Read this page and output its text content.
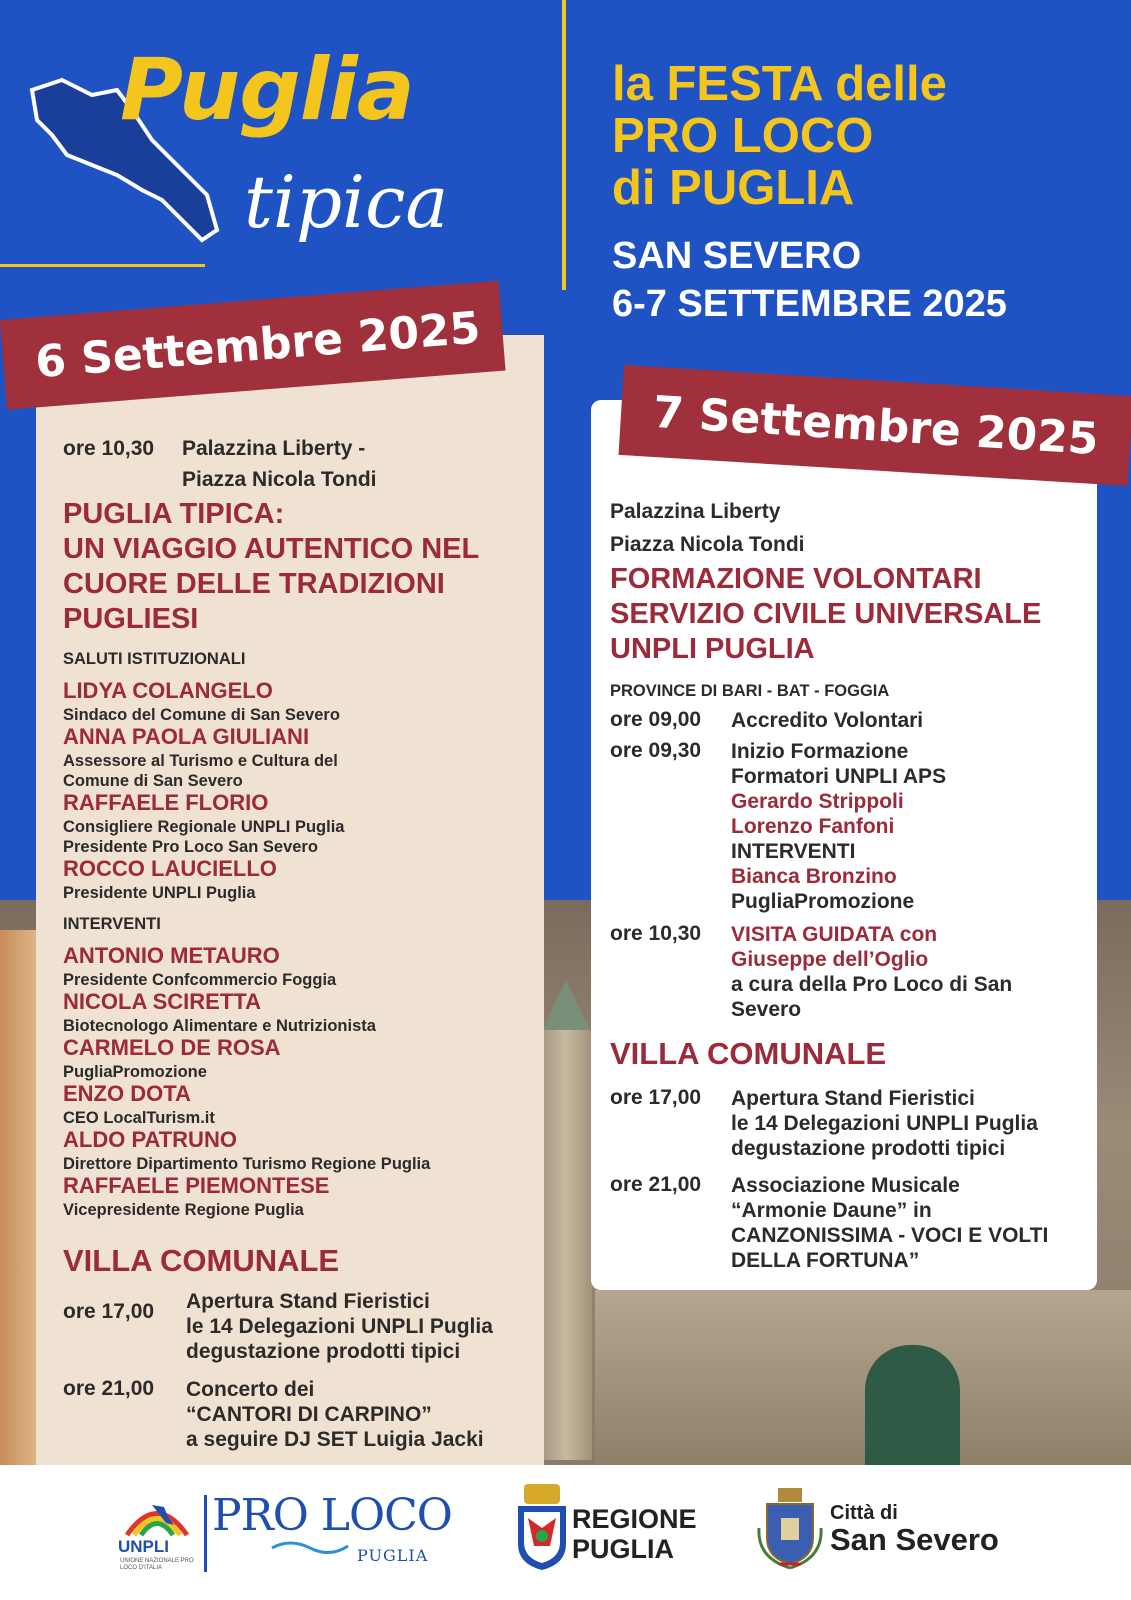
Puglia
tipica
la FESTA delle
PRO LOCO
di PUGLIA
SAN SEVERO
6-7 SETTEMBRE 2025
6 Settembre 2025
7 Settembre 2025
ore 10,30 Palazzina Liberty -
Piazza Nicola Tondi
PUGLIA TIPICA:
UN VIAGGIO AUTENTICO NEL
CUORE DELLE TRADIZIONI
PUGLIESI
SALUTI ISTITUZIONALI
LIDYA COLANGELO
Sindaco del Comune di San Severo
ANNA PAOLA GIULIANI
Assessore al Turismo e Cultura del
Comune di San Severo
RAFFAELE FLORIO
Consigliere Regionale UNPLI Puglia
Presidente Pro Loco San Severo
ROCCO LAUCIELLO
Presidente UNPLI Puglia
INTERVENTI
ANTONIO METAURO
Presidente Confcommercio Foggia
NICOLA SCIRETTA
Biotecnologo Alimentare e Nutrizionista
CARMELO DE ROSA
PugliaPromozione
ENZO DOTA
CEO LocalTurism.it
ALDO PATRUNO
Direttore Dipartimento Turismo Regione Puglia
RAFFAELE PIEMONTESE
Vicepresidente Regione Puglia
VILLA COMUNALE
ore 17,00 Apertura Stand Fieristici
le 14 Delegazioni UNPLI Puglia
degustazione prodotti tipici
ore 21,00 Concerto dei
“CANTORI DI CARPINO”
a seguire DJ SET Luigia Jacki
Palazzina Liberty
Piazza Nicola Tondi
FORMAZIONE VOLONTARI
SERVIZIO CIVILE UNIVERSALE
UNPLI PUGLIA
PROVINCE DI BARI - BAT - FOGGIA
ore 09,00 Accredito Volontari
ore 09,30 Inizio Formazione
Formatori UNPLI APS
Gerardo Strippoli
Lorenzo Fanfoni
INTERVENTI
Bianca Bronzino
PugliaPromozione
ore 10,30 VISITA GUIDATA con
Giuseppe dell’Oglio
a cura della Pro Loco di San
Severo
VILLA COMUNALE
ore 17,00 Apertura Stand Fieristici
le 14 Delegazioni UNPLI Puglia
degustazione prodotti tipici
ore 21,00 Associazione Musicale
“Armonie Daune” in
CANZONISSIMA - VOCI E VOLTI
DELLA FORTUNA”
UNPLI
UNIONE NAZIONALE PRO LOCO D'ITALIA
PRO LOCO
PUGLIA
REGIONE
PUGLIA
Città di
San Severo
